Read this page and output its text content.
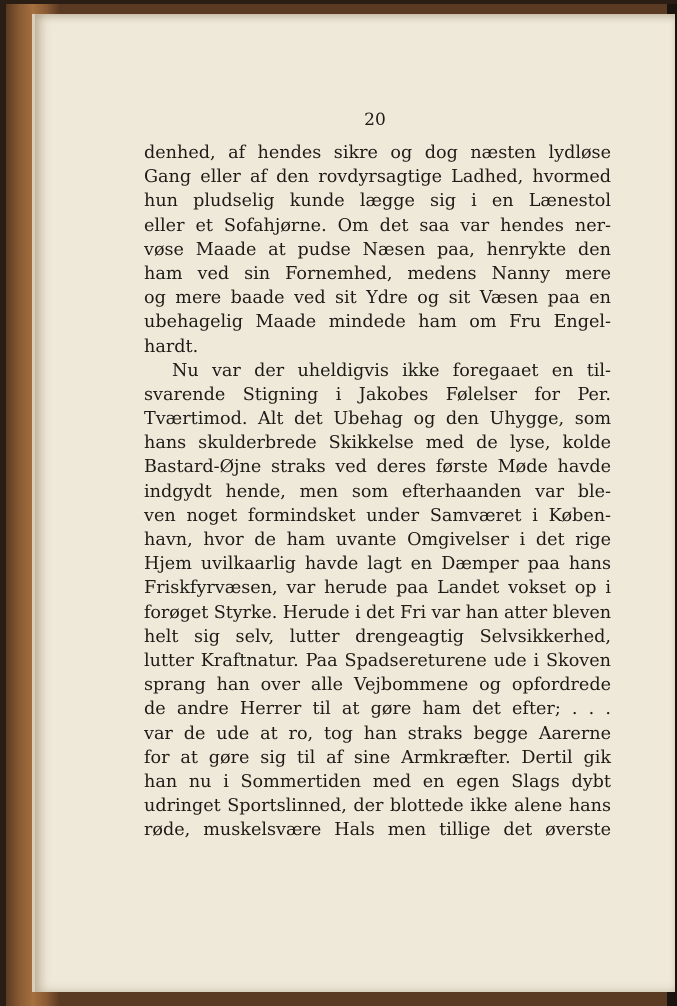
20

denhed, af hendes sikre og dog næsten lydløse
Gang eller af den rovdyrsagtige Ladhed, hvormed
hun pludselig kunde lægge sig i en Lænestol
eller et Sofahjørne. Om det saa var hendes ner-
vøse Maade at pudse Næsen paa, henrykte den
ham ved sin Fornemhed, medens Nanny mere
og mere baade ved sit Ydre og sit Væsen paa en
ubehagelig Maade mindede ham om Fru Engel-
hardt.
Nu var der uheldigvis ikke foregaaet en til-
svarende Stigning i Jakobes Følelser for Per.
Tværtimod. Alt det Ubehag og den Uhygge, som
hans skulderbrede Skikkelse med de lyse, kolde
Bastard-Øjne straks ved deres første Møde havde
indgydt hende, men som efterhaanden var ble-
ven noget formindsket under Samværet i Køben-
havn, hvor de ham uvante Omgivelser i det rige
Hjem uvilkaarlig havde lagt en Dæmper paa hans
Friskfyrvæsen, var herude paa Landet vokset op i
forøget Styrke. Herude i det Fri var han atter bleven
helt sig selv, lutter drengeagtig Selvsikkerhed,
lutter Kraftnatur. Paa Spadsereturene ude i Skoven
sprang han over alle Vejbommene og opfordrede
de andre Herrer til at gøre ham det efter; . . .
var de ude at ro, tog han straks begge Aarerne
for at gøre sig til af sine Armkræfter. Dertil gik
han nu i Sommertiden med en egen Slags dybt
udringet Sportslinned, der blottede ikke alene hans
røde, muskelsvære Hals men tillige det øverste
